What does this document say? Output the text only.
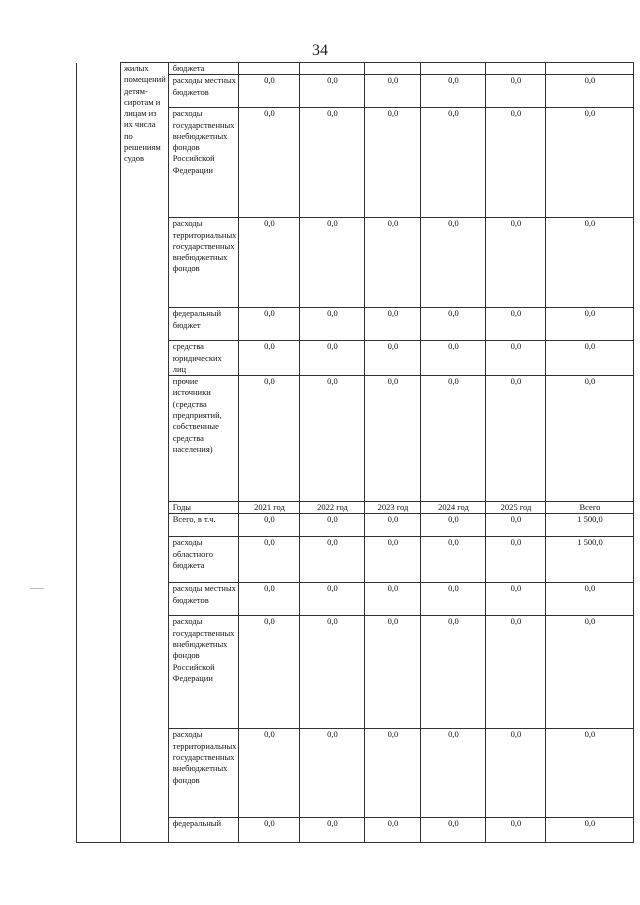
34
	жилых помещений детям-сиротам и лицам из их числа по решениям судов	бюджета						
		расходы местных бюджетов	0,0	0,0	0,0	0,0	0,0	0,0
		расходы государственных внебюджетных фондов Российской Федерации	0,0	0,0	0,0	0,0	0,0	0,0
		расходы территориальных государственных внебюджетных фондов	0,0	0,0	0,0	0,0	0,0	0,0
		федеральный бюджет	0,0	0,0	0,0	0,0	0,0	0,0
		средства юридических лиц	0,0	0,0	0,0	0,0	0,0	0,0
		прочие источники (средства предприятий, собственные средства населения)	0,0	0,0	0,0	0,0	0,0	0,0
		Годы	2021 год	2022 год	2023 год	2024 год	2025 год	Всего
		Всего, в т.ч.	0,0	0,0	0,0	0,0	0,0	1 500,0
		расходы областного бюджета	0,0	0,0	0,0	0,0	0,0	1 500,0
		расходы местных бюджетов	0,0	0,0	0,0	0,0	0,0	0,0
		расходы государственных внебюджетных фондов Российской Федерации	0,0	0,0	0,0	0,0	0,0	0,0
		расходы территориальных государственных внебюджетных фондов	0,0	0,0	0,0	0,0	0,0	0,0
		федеральный	0,0	0,0	0,0	0,0	0,0	0,0
